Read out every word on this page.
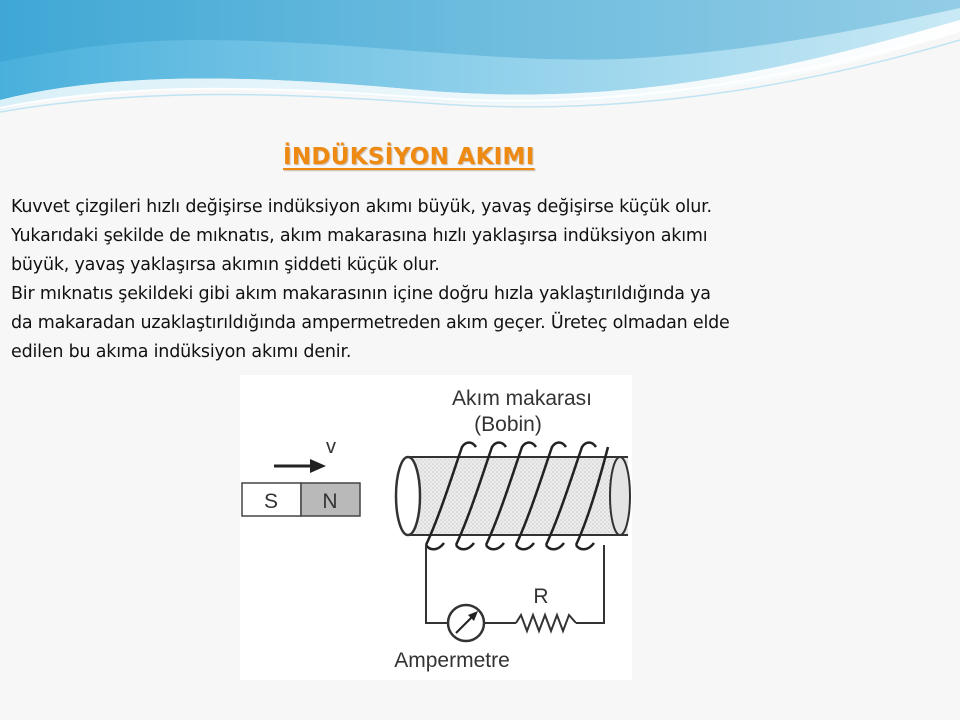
İNDÜKSİYON AKIMI
Kuvvet çizgileri hızlı değişirse indüksiyon akımı büyük, yavaş değişirse küçük olur.
Yukarıdaki şekilde de mıknatıs, akım makarasına hızlı yaklaşırsa indüksiyon akımı
büyük, yavaş yaklaşırsa akımın şiddeti küçük olur.
Bir mıknatıs şekildeki gibi akım makarasının içine doğru hızla yaklaştırıldığında ya
da makaradan uzaklaştırıldığında ampermetreden akım geçer. Üreteç olmadan elde
edilen bu akıma indüksiyon akımı denir.
Akım makarası
(Bobin)
v
S N
R
Ampermetre
